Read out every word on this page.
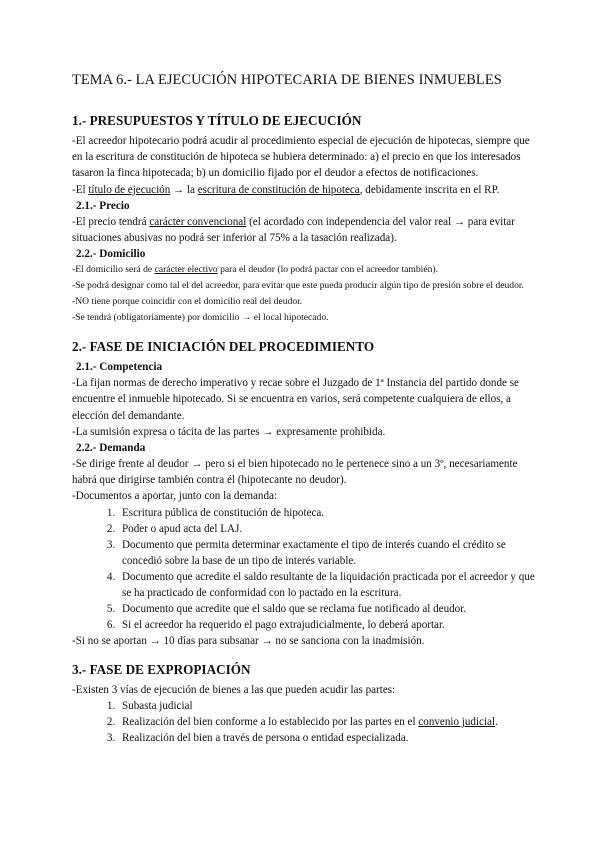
TEMA 6.- LA EJECUCIÓN HIPOTECARIA DE BIENES INMUEBLES
1.- PRESUPUESTOS Y TÍTULO DE EJECUCIÓN

-El acreedor hipotecario podrá acudir al procedimiento especial de ejecución de hipotecas, siempre que en la escritura de constitución de hipoteca se hubiera determinado: a) el precio en que los interesados tasaron la finca hipotecada; b) un domicilio fijado por el deudor a efectos de notificaciones.

-El título de ejecución → la escritura de constitución de hipoteca, debidamente inscrita en el RP.

2.1.- Precio

-El precio tendrá carácter convencional (el acordado con independencia del valor real → para evitar situaciones abusivas no podrá ser inferior al 75% a la tasación realizada).

2.2.- Domicilio

-El domicilio será de carácter electivo para el deudor (lo podrá pactar con el acreedor también).

-Se podrá designar como tal el del acreedor, para evitar que este pueda producir algún tipo de presión sobre el deudor.

-NO tiene porque coincidir con el domicilio real del deudor.

-Se tendrá (obligatoriamente) por domicilio → el local hipotecado.

2.- FASE DE INICIACIÓN DEL PROCEDIMIENTO
2.1.- Competencia

-La fijan normas de derecho imperativo y recae sobre el Juzgado de 1ª Instancia del partido donde se encuentre el inmueble hipotecado. Si se encuentra en varios, será competente cualquiera de ellos, a elección del demandante.

-La sumisión expresa o tácita de las partes → expresamente prohibida.

2.2.- Demanda

-Se dirige frente al deudor → pero si el bien hipotecado no le pertenece sino a un 3º, necesariamente habrá que dirigirse también contra él (hipotecante no deudor).

-Documentos a aportar, junto con la demanda:

1. Escritura pública de constitución de hipoteca.
2. Poder o apud acta del LAJ.
3. Documento que permita determinar exactamente el tipo de interés cuando el crédito se concedió sobre la base de un tipo de interés variable.
4. Documento que acredite el saldo resultante de la liquidación practicada por el acreedor y que se ha practicado de conformidad con lo pactado en la escritura.
5. Documento que acredite que el saldo que se reclama fue notificado al deudor.
6. Si el acreedor ha requerido el pago extrajudicialmente, lo deberá aportar.

-Si no se aportan → 10 días para subsanar → no se sanciona con la inadmisión.

3.- FASE DE EXPROPIACIÓN

-Existen 3 vías de ejecución de bienes a las que pueden acudir las partes:

1. Subasta judicial
2. Realización del bien conforme a lo establecido por las partes en el convenio judicial.
3. Realización del bien a través de persona o entidad especializada.
